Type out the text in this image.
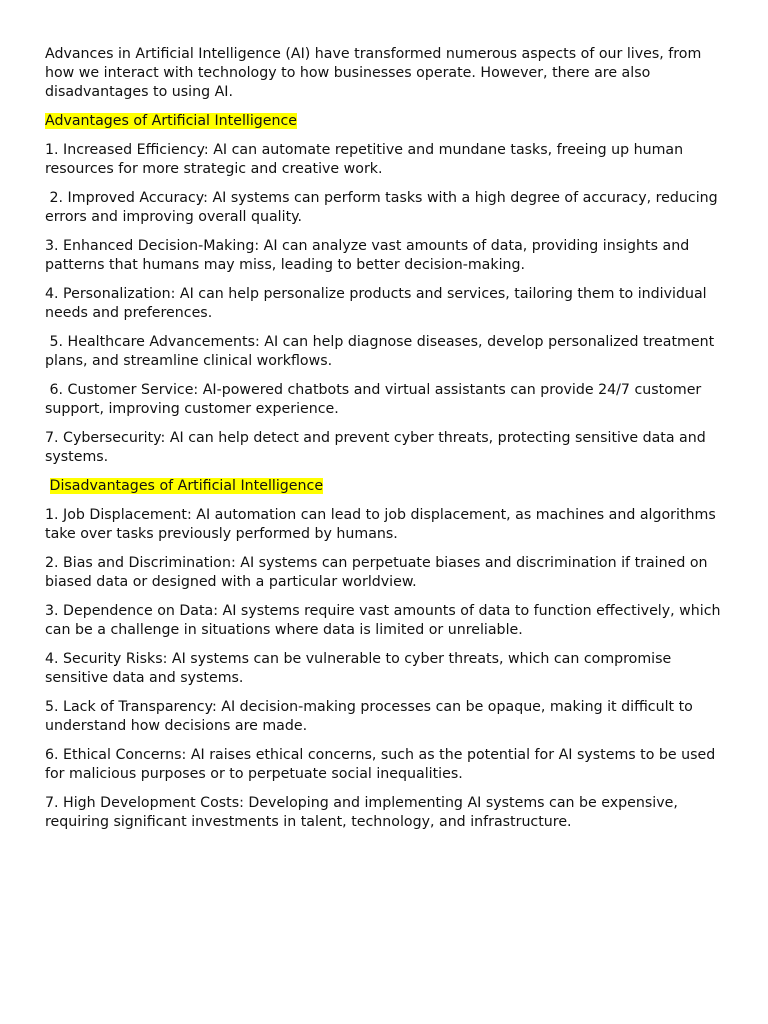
Advances in Artificial Intelligence (AI) have transformed numerous aspects of our lives, from how we interact with technology to how businesses operate. However, there are also disadvantages to using AI.

Advantages of Artificial Intelligence

1. Increased Efficiency: AI can automate repetitive and mundane tasks, freeing up human resources for more strategic and creative work.

2. Improved Accuracy: AI systems can perform tasks with a high degree of accuracy, reducing errors and improving overall quality.

3. Enhanced Decision-Making: AI can analyze vast amounts of data, providing insights and patterns that humans may miss, leading to better decision-making.

4. Personalization: AI can help personalize products and services, tailoring them to individual needs and preferences.

5. Healthcare Advancements: AI can help diagnose diseases, develop personalized treatment plans, and streamline clinical workflows.

6. Customer Service: AI-powered chatbots and virtual assistants can provide 24/7 customer support, improving customer experience.

7. Cybersecurity: AI can help detect and prevent cyber threats, protecting sensitive data and systems.

Disadvantages of Artificial Intelligence

1. Job Displacement: AI automation can lead to job displacement, as machines and algorithms take over tasks previously performed by humans.

2. Bias and Discrimination: AI systems can perpetuate biases and discrimination if trained on biased data or designed with a particular worldview.

3. Dependence on Data: AI systems require vast amounts of data to function effectively, which can be a challenge in situations where data is limited or unreliable.

4. Security Risks: AI systems can be vulnerable to cyber threats, which can compromise sensitive data and systems.

5. Lack of Transparency: AI decision-making processes can be opaque, making it difficult to understand how decisions are made.

6. Ethical Concerns: AI raises ethical concerns, such as the potential for AI systems to be used for malicious purposes or to perpetuate social inequalities.

7. High Development Costs: Developing and implementing AI systems can be expensive, requiring significant investments in talent, technology, and infrastructure.
